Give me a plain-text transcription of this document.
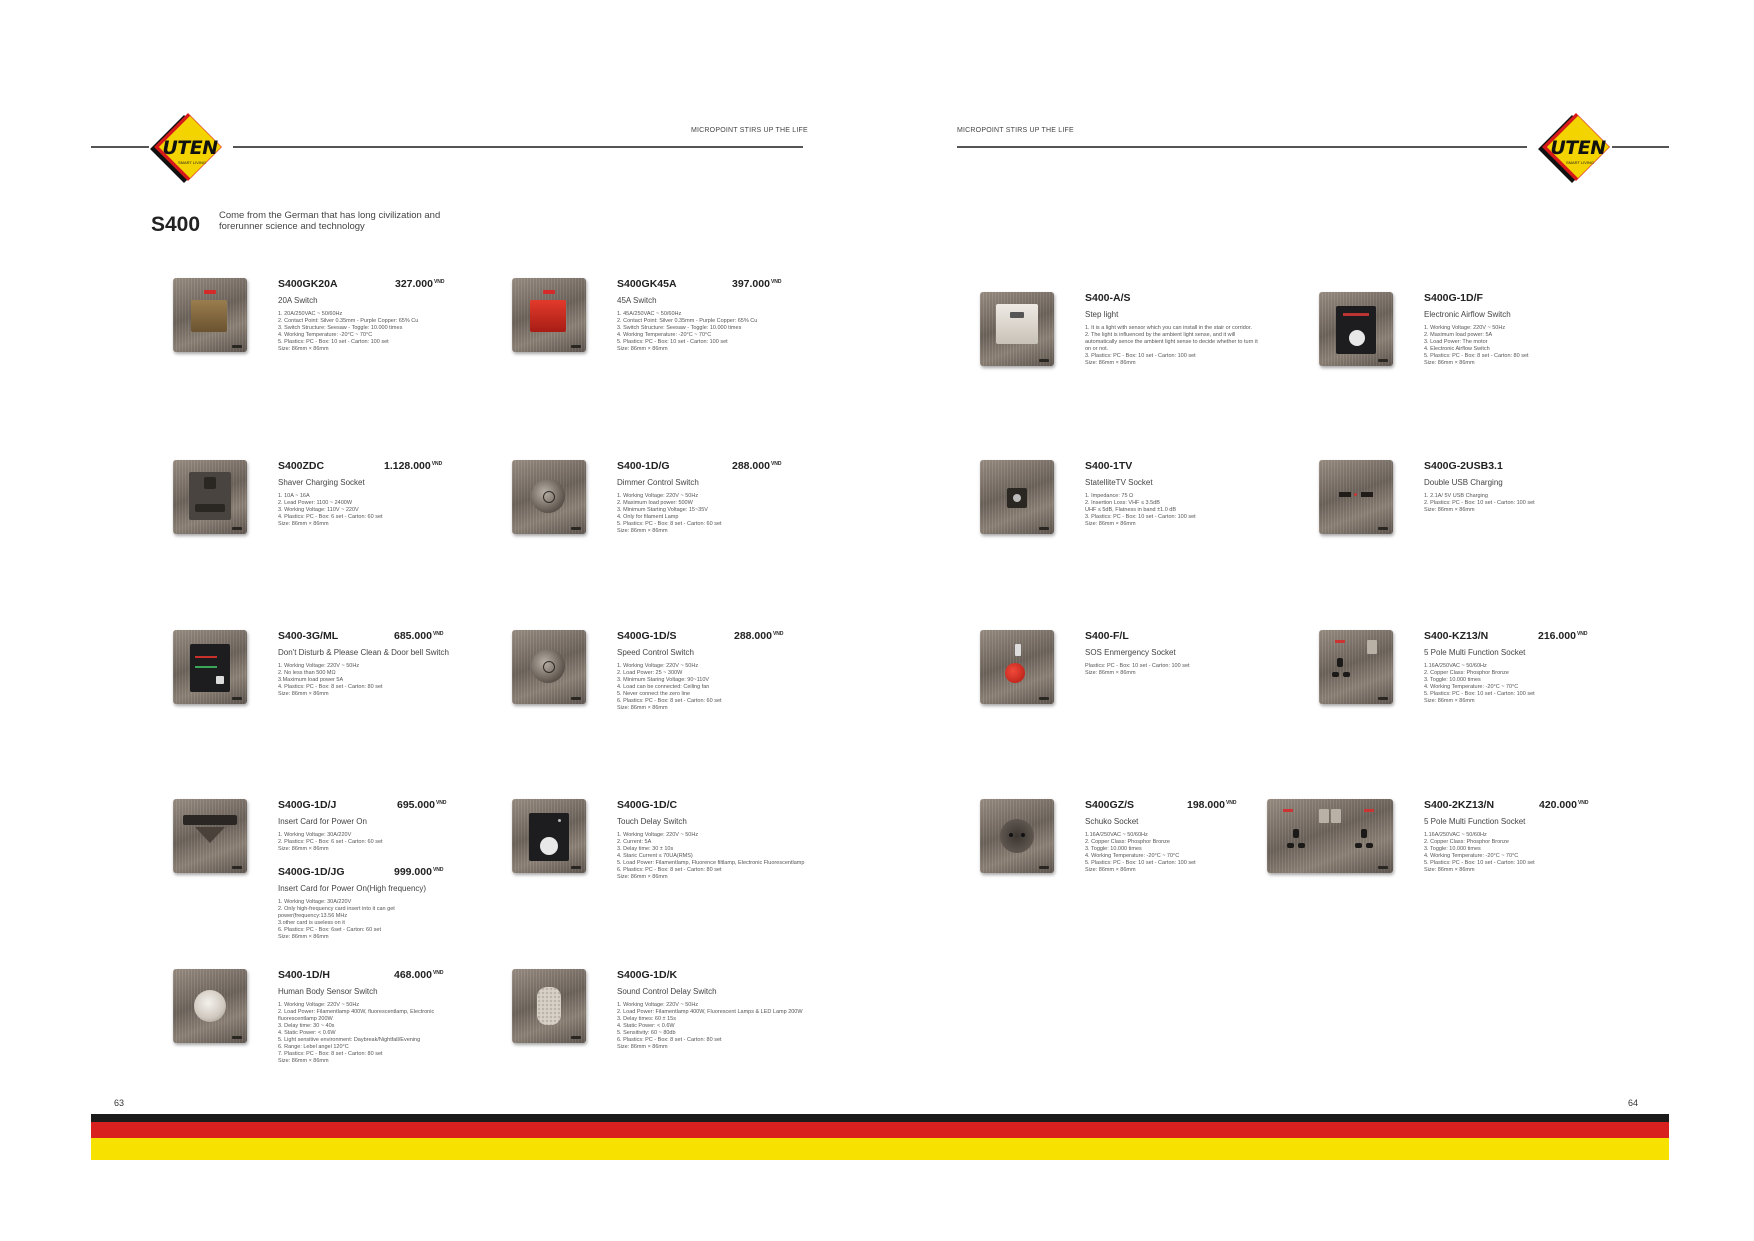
UTEN
SMART LIVING
MICROPOINT STIRS UP THE LIFE	MICROPOINT STIRS UP THE LIFE
UTEN
SMART LIVING
S400 Come from the German that has long civilization and forerunner science and technology
S400GK20A
20A Switch
1. 20A/250VAC ~ 50/60Hz
2. Contact Point: Silver 0.35mm - Purple Copper: 65% Cu
3. Switch Structure: Seesaw - Toggle: 10.000 times
4. Working Temperature: -20°C ~ 70°C
5. Plastics: PC - Box: 10 set - Carton: 100 set
Size: 86mm × 86mm
$327.000^{VND}$	S400GK45A
45A Switch
1. 45A/250VAC ~ 50/60Hz
2. Contact Point: Silver 0.35mm - Purple Copper: 65% Cu
3. Switch Structure: Seesaw - Toggle: 10.000 times
4. Working Temperature: -20°C ~ 70°C
5. Plastics: PC - Box: 10 set - Carton: 100 set
Size: 86mm × 86mm
$397.000^{VND}$
S400ZDC
Shaver Charging Socket
1. 10A ~ 16A
2. Lead Power: 1100 ~ 2400W
3. Working Voltage: 110V ~ 220V
4. Plastics: PC - Box: 6 set - Carton: 60 set
Size: 86mm × 86mm
$1.128.000^{VND}$	S400-1D/G
Dimmer Control Switch
1. Working Voltage: 220V ~ 50Hz
2. Maximum load power: 500W
3. Minimum Starting Voltage: 15~35V
4. Only for filament Lamp
5. Plastics: PC - Box: 8 set - Carton: 60 set
Size: 86mm × 86mm
$288.000^{VND}$
S400-3G/ML
Don't Disturb & Please Clean & Door bell Switch
1. Working Voltage: 220V ~ 50Hz
2. No less than 500 MΩ
3.Maximum load power 5A
4. Plastics: PC - Box: 8 set - Carton: 80 set
Size: 86mm × 86mm
$685.000^{VND}$	S400G-1D/S
Speed Control Switch
1. Working Voltage: 220V ~ 50Hz
2. Load Power: 25 ~ 300W
3. Minimum Staring Voltage: 90~110V
4. Load can be connected: Ceiling fan
5. Never connect the zero line
6. Plastics: PC - Box: 8 set - Carton: 60 set
Size: 86mm × 86mm
$288.000^{VND}$
S400G-1D/J
Insert Card for Power On
1. Working Voltage: 30A/220V
2. Plastics: PC - Box: 6 set - Carton: 60 set
Size: 86mm × 86mm
$695.000^{VND}$
S400G-1D/JG
Insert Card for Power On(High frequency)
1. Working Voltage: 30A/220V
2. Only high-frequency card insert into it can get power(frequency:13.56 MHz
3.other card is useless on it
6. Plastics: PC - Box: 6set - Carton: 60 set
Size: 86mm × 86mm
$999.000^{VND}$
S400G-1D/C
Touch Delay Switch
1. Working Voltage: 220V ~ 50Hz
2. Current: 5A
3. Delay time: 30 ± 10s
4. Staric Current ≤ 70UA(RMS)
5. Load Power: Filamentlamp, Fluorence filtlamp, Electronic Fluorescentlamp
6. Plastics: PC - Box: 8 set - Carton: 80 set
Size: 86mm × 86mm
S400-1D/H
Human Body Sensor Switch
1. Working Voltage: 220V ~ 50Hz
2. Load Power: Filamentlamp 400W, fluorescentlamp, Electronic fluorescentlamp 200W
3. Delay time: 30 ~ 40s
4. Static Power: < 0.6W
5. Light sensitive environment: Daybreak/Nightfall/Evening
6. Range: Lebel angel 120°C
7. Plastics: PC - Box: 8 set - Carton: 80 set
Size: 86mm × 86mm
$468.000^{VND}$	S400G-1D/K
Sound Control Delay Switch
1. Working Voltage: 220V ~ 50Hz
2. Load Power: Filamentlamp 400W, Fluorescent Lamps & LED Lamp 200W
3. Delay times: 60 ± 15s
4. Static Power: < 0.6W
5. Sensitivity: 60 ~ 80db
6. Plastics: PC - Box: 8 set - Carton: 80 set
Size: 86mm × 86mm
S400-A/S
Step light
1. It is a light with sensor which you can install in the stair or corridor.
2. The light is influenced by the ambient light sense, and it will automatically sence the ambient light sense to decide whether to turn it on or not.
3. Plastics: PC - Box: 10 set - Carton: 100 set
Size: 86mm × 86mm
S400G-1D/F
Electronic Airflow Switch
1. Working Voltage: 220V ~ 50Hz
2. Maximum load power: 5A
3. Load Power: The motor
4. Electronic Airflow Switch
5. Plastics: PC - Box: 8 set - Carton: 80 set
Size: 86mm × 86mm
S400-1TV
StatelliteTV Socket
1. Impedance: 75 Ω
2. Insertion Loss: VHF ≤ 3.5dB
UHF ≤ 5dB, Flatness in band ±1.0 dB
3. Plastics: PC - Box: 10 set - Carton: 100 set
Size: 86mm × 86mm
S400G-2USB3.1
Double USB Charging
1. 2.1A/ 5V USB Charging
2. Plastics: PC - Box: 10 set - Carton: 100 set
Size: 86mm × 86mm
S400-F/L
SOS Enmergency Socket
Plastics: PC - Box: 10 set - Carton: 100 set
Size: 86mm × 86mm
S400-KZ13/N
5 Pole Multi Function Socket
1.16A/250VAC ~ 50/60Hz
2. Copper Class: Phosphor Bronze
3. Toggle: 10.000 times
4. Working Temperature: -20°C ~ 70°C
5. Plastics: PC - Box: 10 set - Carton: 100 set
Size: 86mm × 86mm
$216.000^{VND}$
S400GZ/S
Schuko Socket
1.16A/250VAC ~ 50/60Hz
2. Copper Class: Phosphor Bronze
3. Toggle: 10.000 times
4. Working Temperature: -20°C ~ 70°C
5. Plastics: PC - Box: 10 set - Carton: 100 set
Size: 86mm × 86mm
$198.000^{VND}$	S400-2KZ13/N
5 Pole Multi Function Socket
1.16A/250VAC ~ 50/60Hz
2. Copper Class: Phosphor Bronze
3. Toggle: 10.000 times
4. Working Temperature: -20°C ~ 70°C
5. Plastics: PC - Box: 10 set - Carton: 100 set
Size: 86mm × 86mm
$420.000^{VND}$
63	64
